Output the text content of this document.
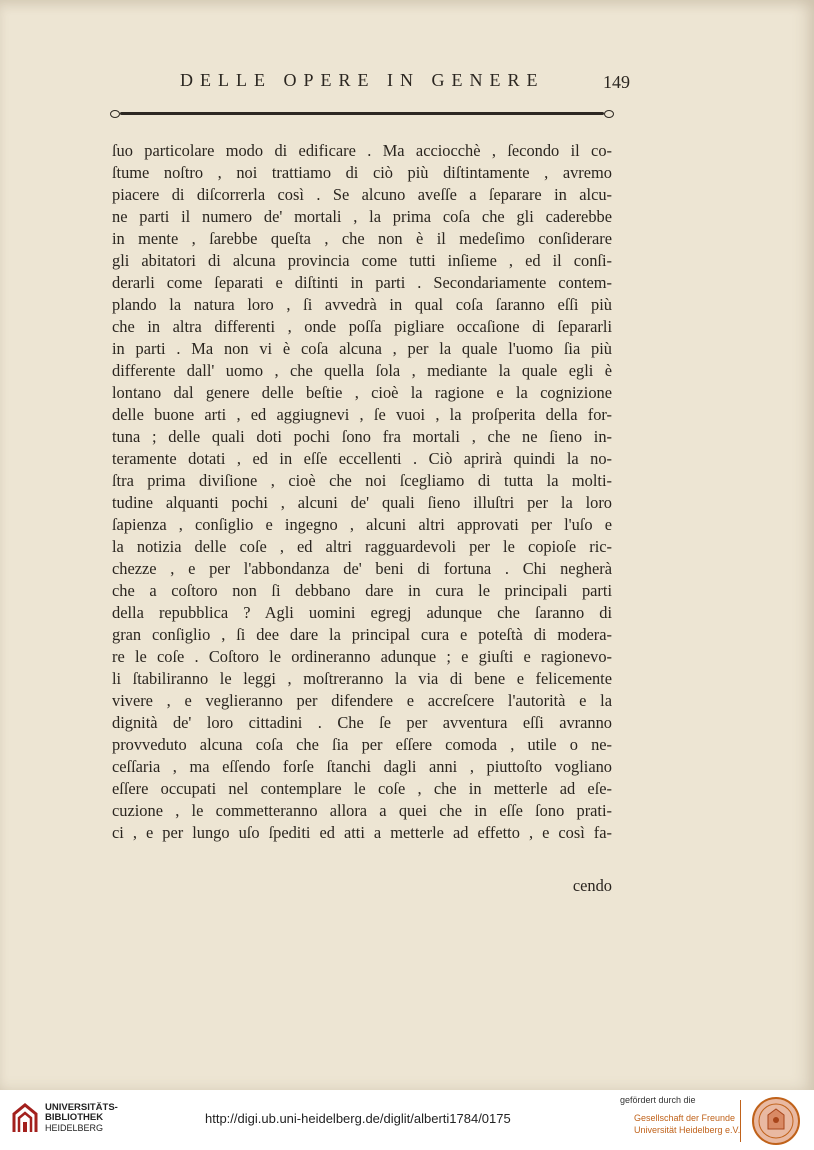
DELLE OPERE IN GENERE	149
ſuo particolare modo di edificare . Ma acciocchè , ſecondo il co-
ſtume noſtro , noi trattiamo di ciò più diſtintamente , avremo
piacere di diſcorrerla così . Se alcuno aveſſe a ſeparare in alcu-
ne parti il numero de' mortali , la prima coſa che gli caderebbe
in mente , ſarebbe queſta , che non è il medeſimo conſiderare
gli abitatori di alcuna provincia come tutti inſieme , ed il conſi-
derarli come ſeparati e diſtinti in parti . Secondariamente contem-
plando la natura loro , ſi avvedrà in qual coſa ſaranno eſſi più
che in altra differenti , onde poſſa pigliare occaſione di ſepararli
in parti . Ma non vi è coſa alcuna , per la quale l'uomo ſia più
differente dall' uomo , che quella ſola , mediante la quale egli è
lontano dal genere delle beſtie , cioè la ragione e la cognizione
delle buone arti , ed aggiugnevi , ſe vuoi , la proſperita della for-
tuna ; delle quali doti pochi ſono fra mortali , che ne ſieno in-
teramente dotati , ed in eſſe eccellenti . Ciò aprirà quindi la no-
ſtra prima diviſione , cioè che noi ſcegliamo di tutta la molti-
tudine alquanti pochi , alcuni de' quali ſieno illuſtri per la loro
ſapienza , conſiglio e ingegno , alcuni altri approvati per l'uſo e
la notizia delle coſe , ed altri ragguardevoli per le copioſe ric-
chezze , e per l'abbondanza de' beni di fortuna . Chi negherà
che a coſtoro non ſi debbano dare in cura le principali parti
della repubblica ? Agli uomini egregj adunque che ſaranno di
gran conſiglio , ſi dee dare la principal cura e poteſtà di modera-
re le coſe . Coſtoro le ordineranno adunque ; e giuſti e ragionevo-
li ſtabiliranno le leggi , moſtreranno la via di bene e felicemente
vivere , e veglieranno per difendere e accreſcere l'autorità e la
dignità de' loro cittadini . Che ſe per avventura eſſi avranno
provveduto alcuna coſa che ſia per eſſere comoda , utile o ne-
ceſſaria , ma eſſendo forſe ſtanchi dagli anni , piuttoſto vogliano
eſſere occupati nel contemplare le coſe , che in metterle ad eſe-
cuzione , le commetteranno allora a quei che in eſſe ſono prati-
ci , e per lungo uſo ſpediti ed atti a metterle ad effetto , e così fa-
cendo
UNIVERSITÄTS-
BIBLIOTHEK
HEIDELBERG
http://digi.ub.uni-heidelberg.de/diglit/alberti1784/0175
gefördert durch die
Gesellschaft der Freunde
Universität Heidelberg e.V.
